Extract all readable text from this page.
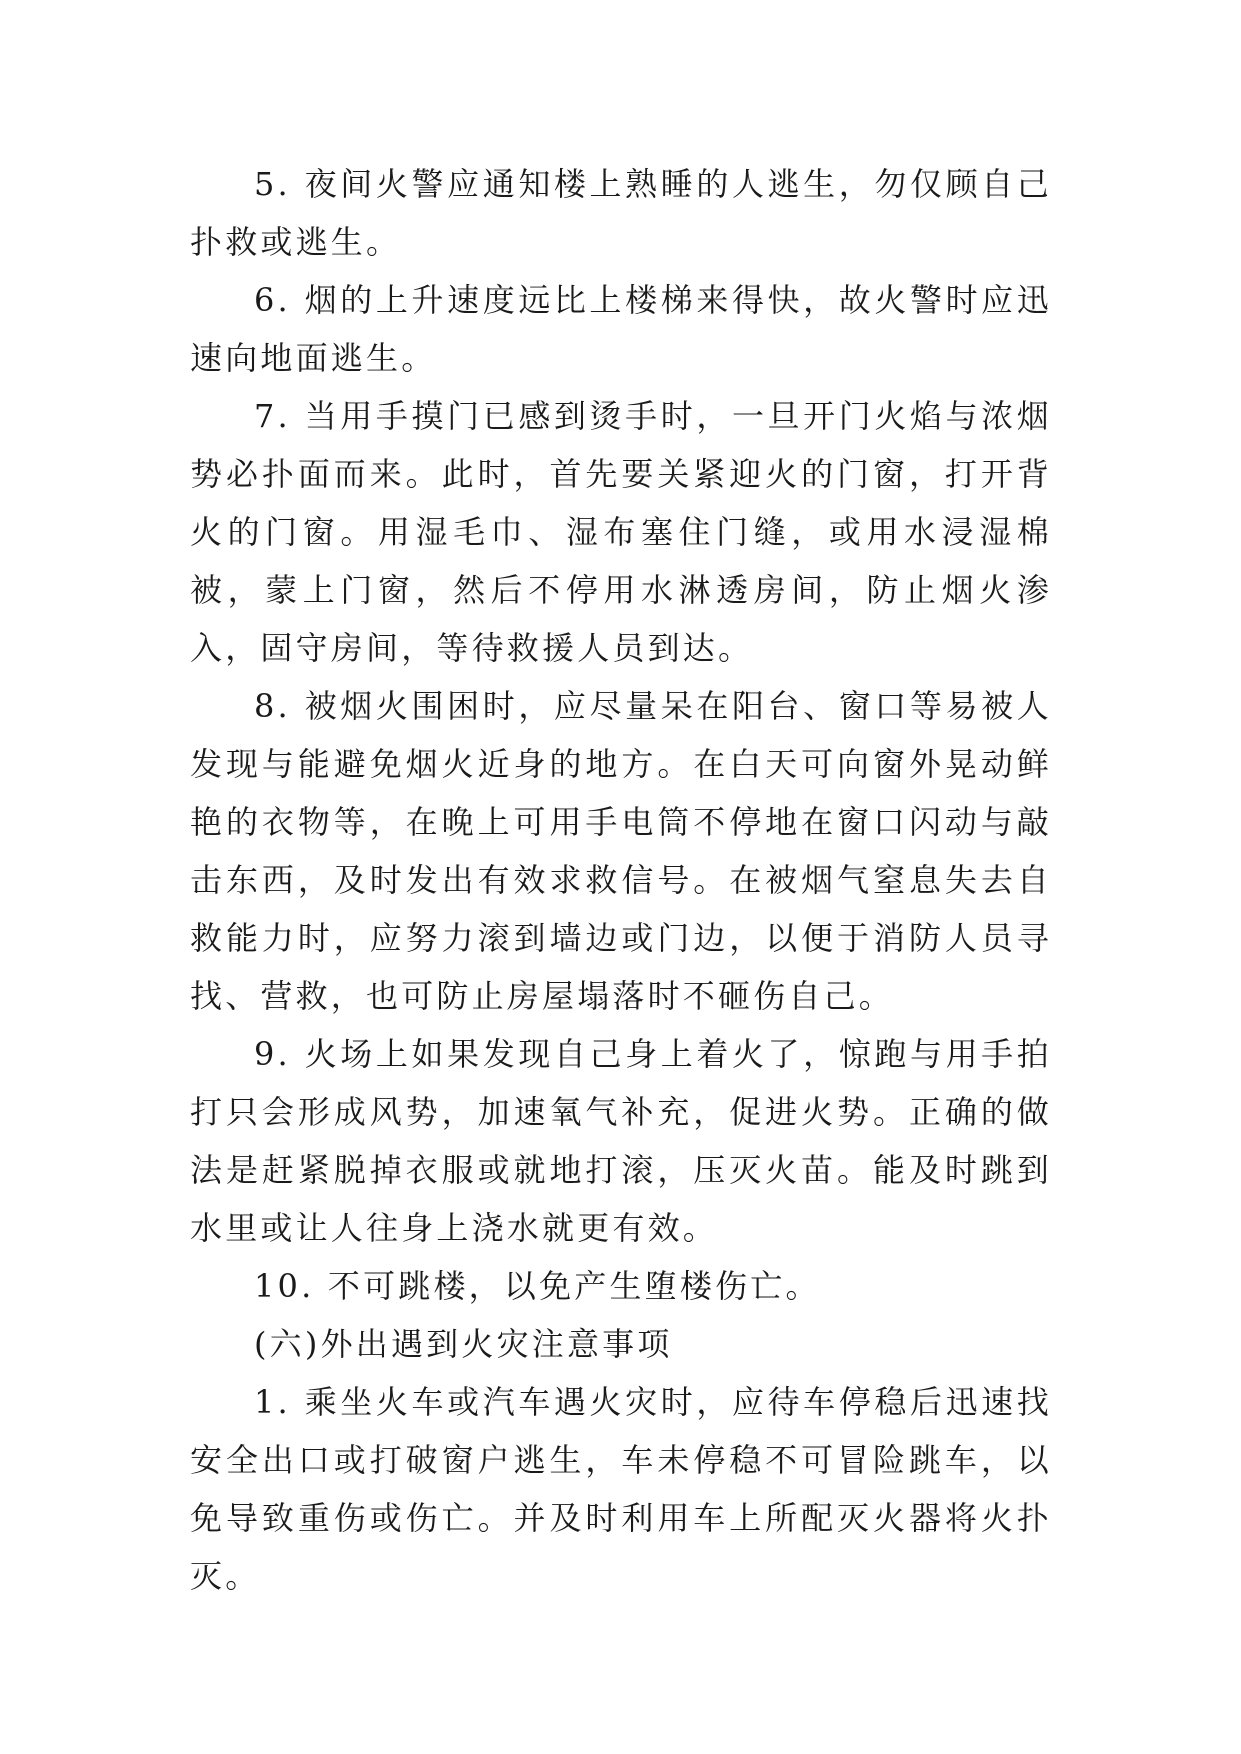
5. 夜间火警应通知楼上熟睡的人逃生，勿仅顾自己扑救或逃生。

6. 烟的上升速度远比上楼梯来得快，故火警时应迅速向地面逃生。

7. 当用手摸门已感到烫手时，一旦开门火焰与浓烟势必扑面而来。此时，首先要关紧迎火的门窗，打开背火的门窗。用湿毛巾、湿布塞住门缝，或用水浸湿棉被，蒙上门窗，然后不停用水淋透房间，防止烟火渗入，固守房间，等待救援人员到达。

8. 被烟火围困时，应尽量呆在阳台、窗口等易被人发现与能避免烟火近身的地方。在白天可向窗外晃动鲜艳的衣物等，在晚上可用手电筒不停地在窗口闪动与敲击东西，及时发出有效求救信号。在被烟气窒息失去自救能力时，应努力滚到墙边或门边，以便于消防人员寻找、营救，也可防止房屋塌落时不砸伤自己。

9. 火场上如果发现自己身上着火了，惊跑与用手拍打只会形成风势，加速氧气补充，促进火势。正确的做法是赶紧脱掉衣服或就地打滚，压灭火苗。能及时跳到水里或让人往身上浇水就更有效。

10. 不可跳楼，以免产生堕楼伤亡。

(六)外出遇到火灾注意事项

1. 乘坐火车或汽车遇火灾时，应待车停稳后迅速找安全出口或打破窗户逃生，车未停稳不可冒险跳车，以免导致重伤或伤亡。并及时利用车上所配灭火器将火扑灭。
